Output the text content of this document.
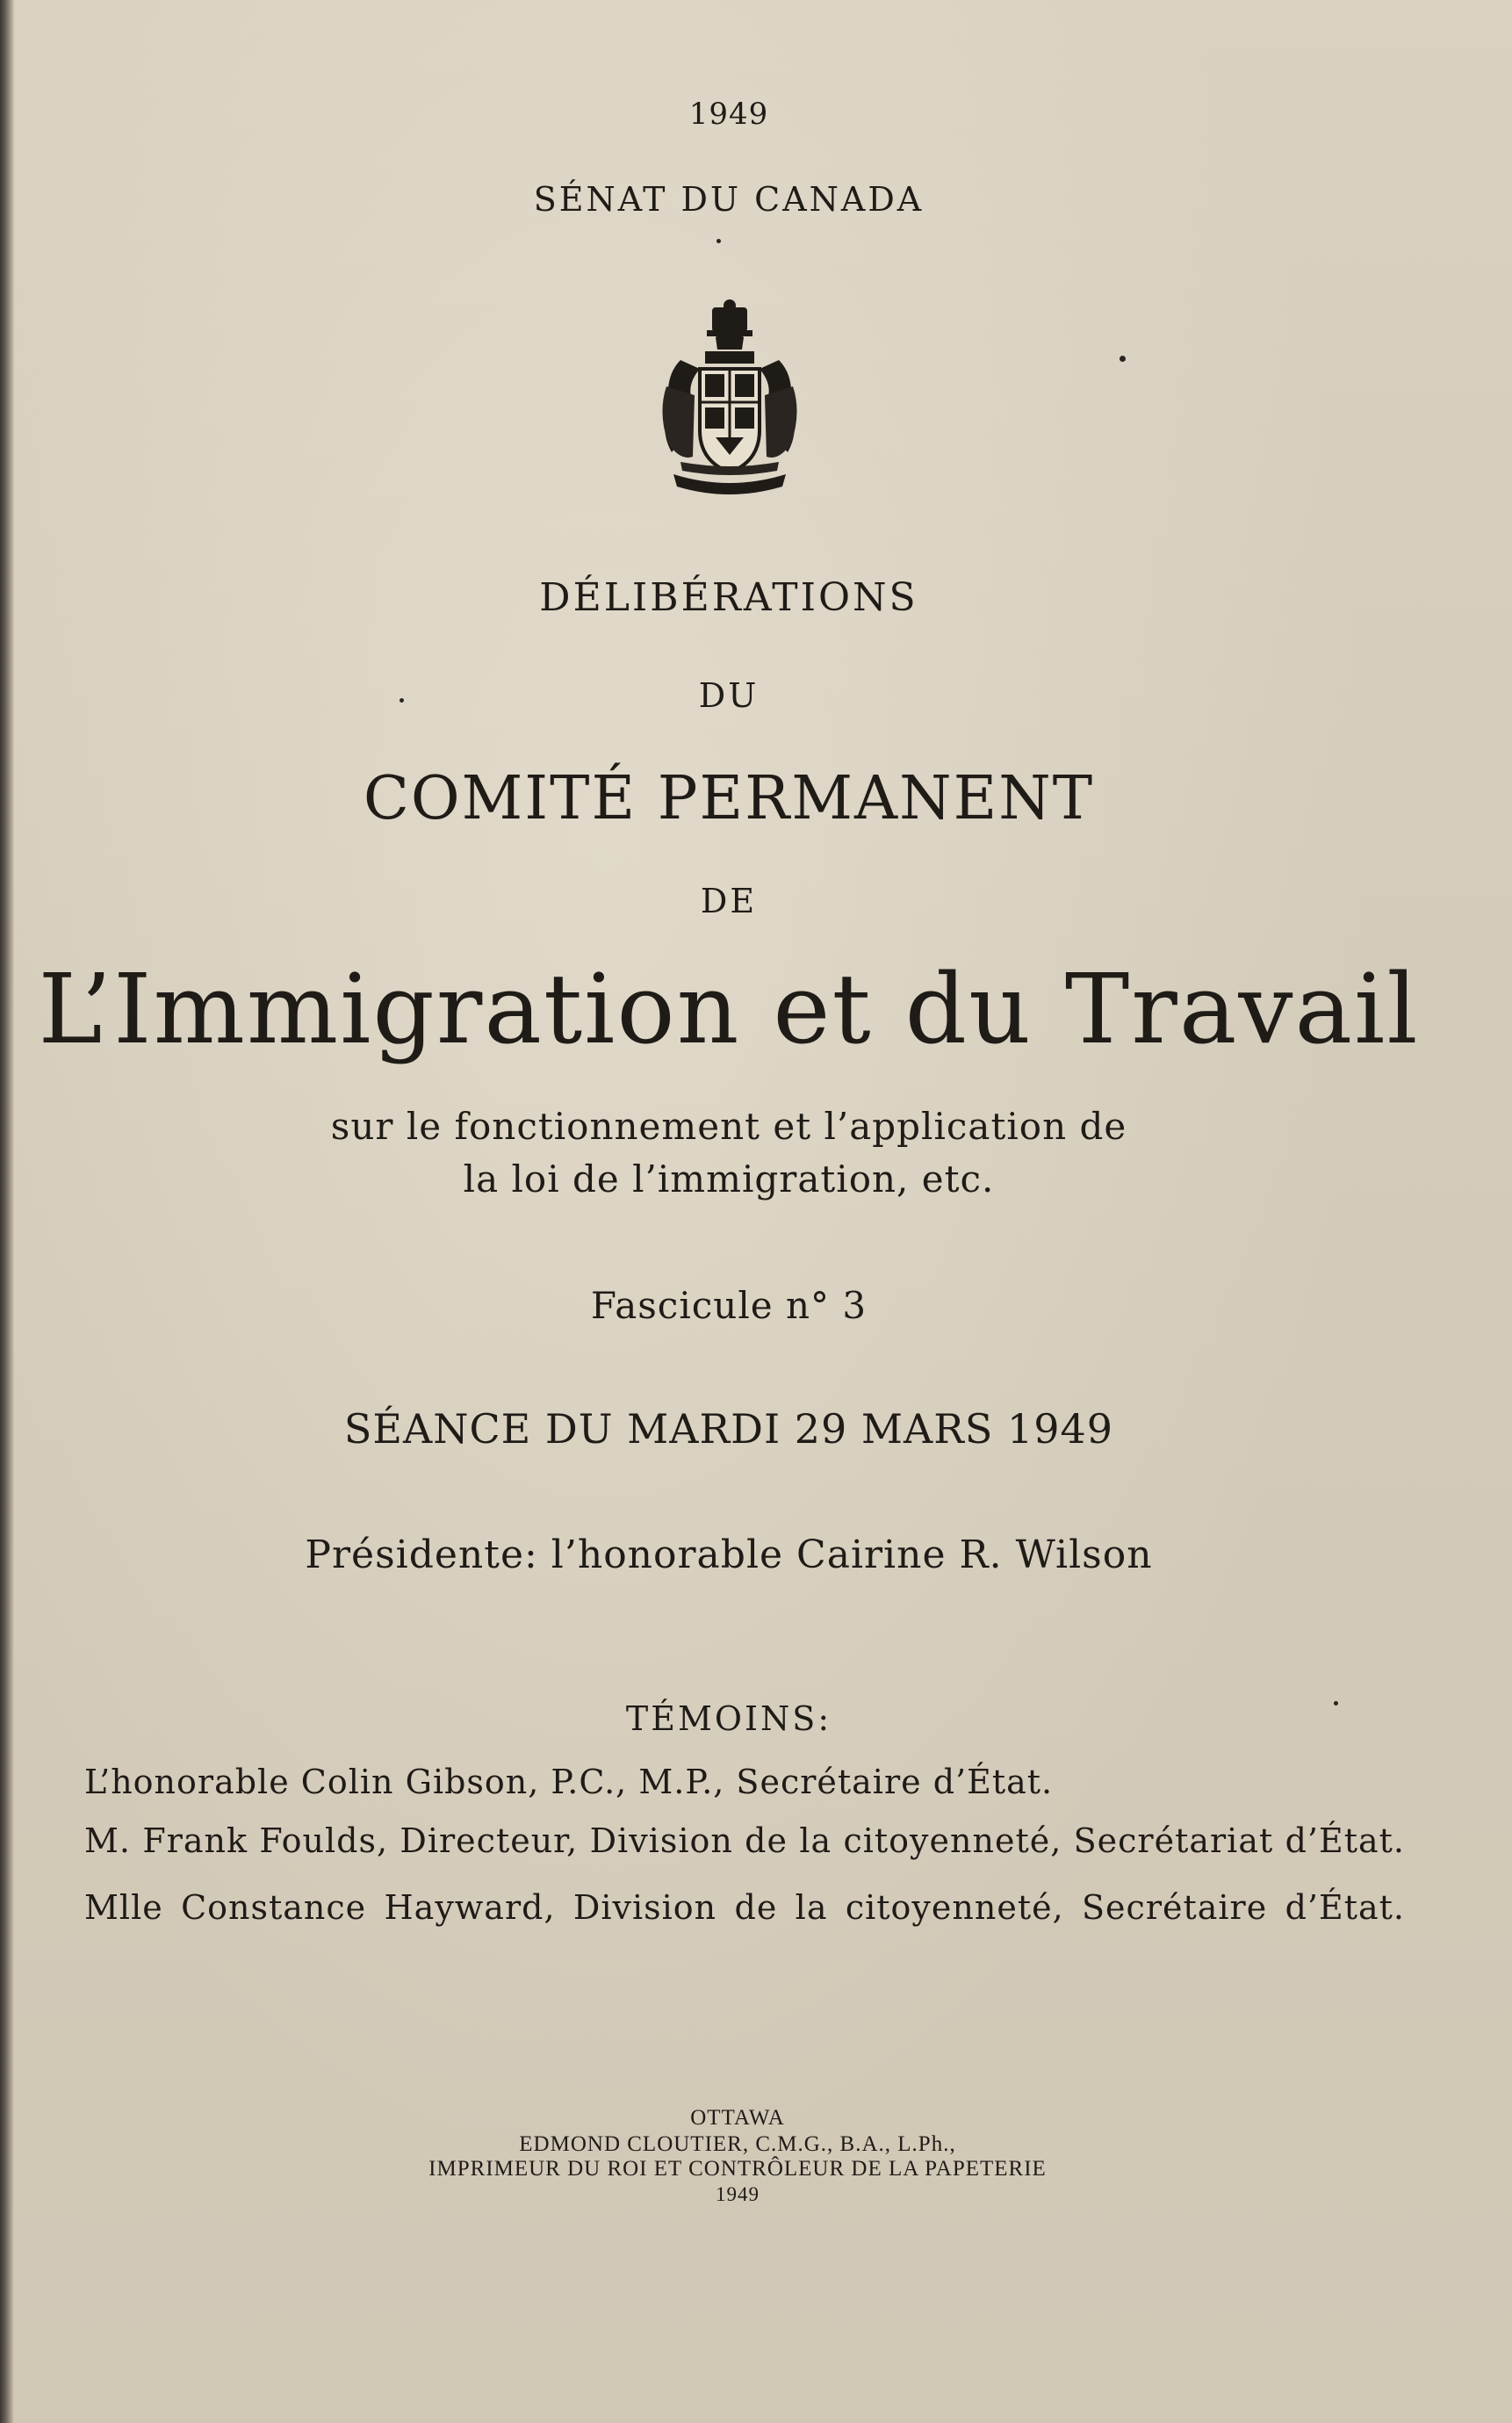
1949
SÉNAT DU CANADA
DÉLIBÉRATIONS
DU
COMITÉ PERMANENT
DE
L’Immigration et du Travail
sur le fonctionnement et l’application de
la loi de l’immigration, etc.
Fascicule n° 3
SÉANCE DU MARDI 29 MARS 1949
Présidente: l’honorable Cairine R. Wilson
TÉMOINS:
L’honorable Colin Gibson, P.C., M.P., Secrétaire d’État.
M. Frank Foulds, Directeur, Division de la citoyenneté, Secrétariat d’État.
Mlle Constance Hayward, Division de la citoyenneté, Secrétaire d’État.
OTTAWA
EDMOND CLOUTIER, C.M.G., B.A., L.Ph.,
IMPRIMEUR DU ROI ET CONTRÔLEUR DE LA PAPETERIE
1949
